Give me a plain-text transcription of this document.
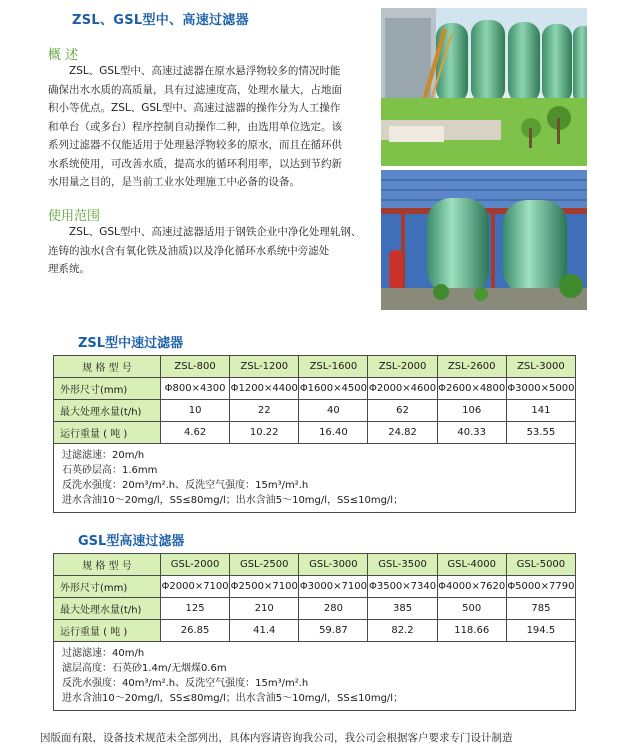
ZSL、GSL型中、高速过滤器
概 述
ZSL、GSL型中、高速过滤器在原水悬浮物较多的情况时能
确保出水水质的高质量，具有过滤速度高，处理水量大，占地面
积小等优点。ZSL、GSL型中、高速过滤器的操作分为人工操作
和单台（或多台）程序控制自动操作二种，由选用单位选定。该
系列过滤器不仅能适用于处理悬浮物较多的原水，而且在循环供
水系统使用，可改善水质，提高水的循环利用率，以达到节约新
水用量之目的，是当前工业水处理施工中必备的设备。
使用范围
ZSL、GSL型中、高速过滤器适用于钢铁企业中净化处理轧钢、
连铸的浊水(含有氧化铁及油质)以及净化循环水系统中旁滤处
理系统。
ZSL型中速过滤器
规 格 型 号	ZSL-800	ZSL-1200	ZSL-1600	ZSL-2000	ZSL-2600	ZSL-3000
外形尺寸(mm)	Φ800×4300	Φ1200×4400	Φ1600×4500	Φ2000×4600	Φ2600×4800	Φ3000×5000
最大处理水量(t/h)	10	22	40	62	106	141
运行重量 ( 吨 )	4.62	10.22	16.40	24.82	40.33	53.55

过滤滤速：20m/h
石英砂层高：1.6mm
反洗水强度：20m³/m².h、反洗空气强度：15m³/m².h
进水含油10～20mg/l，SS≤80mg/l；出水含油5～10mg/l，SS≤10mg/l；						
GSL型高速过滤器
规 格 型 号	GSL-2000	GSL-2500	GSL-3000	GSL-3500	GSL-4000	GSL-5000
外形尺寸(mm)	Φ2000×7100	Φ2500×7100	Φ3000×7100	Φ3500×7340	Φ4000×7620	Φ5000×7790
最大处理水量(t/h)	125	210	280	385	500	785
运行重量 ( 吨 )	26.85	41.4	59.87	82.2	118.66	194.5

过滤滤速：40m/h
滤层高度：石英砂1.4m/无烟煤0.6m
反洗水强度：40m³/m².h、反洗空气强度：15m³/m².h
进水含油10～20mg/l，SS≤80mg/l；出水含油5～10mg/l，SS≤10mg/l；						
因版面有限，设备技术规范未全部列出，具体内容请咨询我公司，我公司会根据客户要求专门设计制造
